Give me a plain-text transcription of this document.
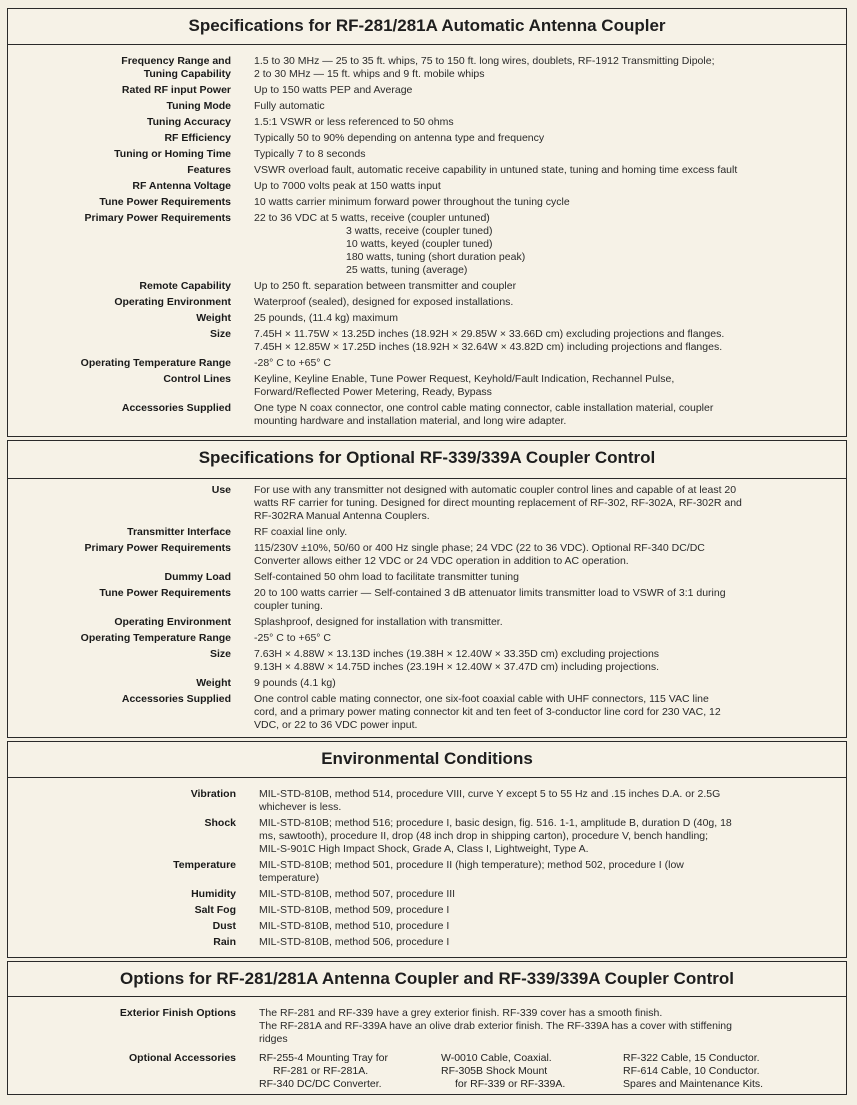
Specifications for RF-281/281A Automatic Antenna Coupler
Frequency Range and
Tuning Capability
1.5 to 30 MHz — 25 to 35 ft. whips, 75 to 150 ft. long wires, doublets, RF-1912 Transmitting Dipole;
2 to 30 MHz — 15 ft. whips and 9 ft. mobile whips
Rated RF input Power Up to 150 watts PEP and Average
Tuning Mode Fully automatic
Tuning Accuracy 1.5:1 VSWR or less referenced to 50 ohms
RF Efficiency Typically 50 to 90% depending on antenna type and frequency
Tuning or Homing Time Typically 7 to 8 seconds
Features VSWR overload fault, automatic receive capability in untuned state, tuning and homing time excess fault
RF Antenna Voltage Up to 7000 volts peak at 150 watts input
Tune Power Requirements 10 watts carrier minimum forward power throughout the tuning cycle
Primary Power Requirements 22 to 36 VDC at 5 watts, receive (coupler untuned)
3 watts, receive (coupler tuned)
10 watts, keyed (coupler tuned)
180 watts, tuning (short duration peak)
25 watts, tuning (average)
Remote Capability Up to 250 ft. separation between transmitter and coupler
Operating Environment Waterproof (sealed), designed for exposed installations.
Weight 25 pounds, (11.4 kg) maximum
Size 7.45H × 11.75W × 13.25D inches (18.92H × 29.85W × 33.66D cm) excluding projections and flanges.
7.45H × 12.85W × 17.25D inches (18.92H × 32.64W × 43.82D cm) including projections and flanges.
Operating Temperature Range -28° C to +65° C
Control Lines Keyline, Keyline Enable, Tune Power Request, Keyhold/Fault Indication, Rechannel Pulse,
Forward/Reflected Power Metering, Ready, Bypass
Accessories Supplied One type N coax connector, one control cable mating connector, cable installation material, coupler
mounting hardware and installation material, and long wire adapter.
Specifications for Optional RF-339/339A Coupler Control
Use For use with any transmitter not designed with automatic coupler control lines and capable of at least 20
watts RF carrier for tuning. Designed for direct mounting replacement of RF-302, RF-302A, RF-302R and
RF-302RA Manual Antenna Couplers.
Transmitter Interface RF coaxial line only.
Primary Power Requirements 115/230V ±10%, 50/60 or 400 Hz single phase; 24 VDC (22 to 36 VDC). Optional RF-340 DC/DC
Converter allows either 12 VDC or 24 VDC operation in addition to AC operation.
Dummy Load Self-contained 50 ohm load to facilitate transmitter tuning
Tune Power Requirements 20 to 100 watts carrier — Self-contained 3 dB attenuator limits transmitter load to VSWR of 3:1 during
coupler tuning.
Operating Environment Splashproof, designed for installation with transmitter.
Operating Temperature Range -25° C to +65° C
Size 7.63H × 4.88W × 13.13D inches (19.38H × 12.40W × 33.35D cm) excluding projections
9.13H × 4.88W × 14.75D inches (23.19H × 12.40W × 37.47D cm) including projections.
Weight 9 pounds (4.1 kg)
Accessories Supplied One control cable mating connector, one six-foot coaxial cable with UHF connectors, 115 VAC line
cord, and a primary power mating connector kit and ten feet of 3-conductor line cord for 230 VAC, 12
VDC, or 22 to 36 VDC power input.
Environmental Conditions
Vibration MIL-STD-810B, method 514, procedure VIII, curve Y except 5 to 55 Hz and .15 inches D.A. or 2.5G
whichever is less.
Shock MIL-STD-810B; method 516; procedure I, basic design, fig. 516. 1-1, amplitude B, duration D (40g, 18
ms, sawtooth), procedure II, drop (48 inch drop in shipping carton), procedure V, bench handling;
MIL-S-901C High Impact Shock, Grade A, Class I, Lightweight, Type A.
Temperature MIL-STD-810B; method 501, procedure II (high temperature); method 502, procedure I (low
temperature)
Humidity MIL-STD-810B, method 507, procedure III
Salt Fog MIL-STD-810B, method 509, procedure I
Dust MIL-STD-810B, method 510, procedure I
Rain MIL-STD-810B, method 506, procedure I
Options for RF-281/281A Antenna Coupler and RF-339/339A Coupler Control
Exterior Finish Options The RF-281 and RF-339 have a grey exterior finish. RF-339 cover has a smooth finish.
The RF-281A and RF-339A have an olive drab exterior finish. The RF-339A has a cover with stiffening
ridges
Optional Accessories RF-255-4 Mounting Tray for
RF-281 or RF-281A.
RF-340 DC/DC Converter.
W-0010 Cable, Coaxial.
RF-305B Shock Mount
for RF-339 or RF-339A.
RF-322 Cable, 15 Conductor.
RF-614 Cable, 10 Conductor.
Spares and Maintenance Kits.
